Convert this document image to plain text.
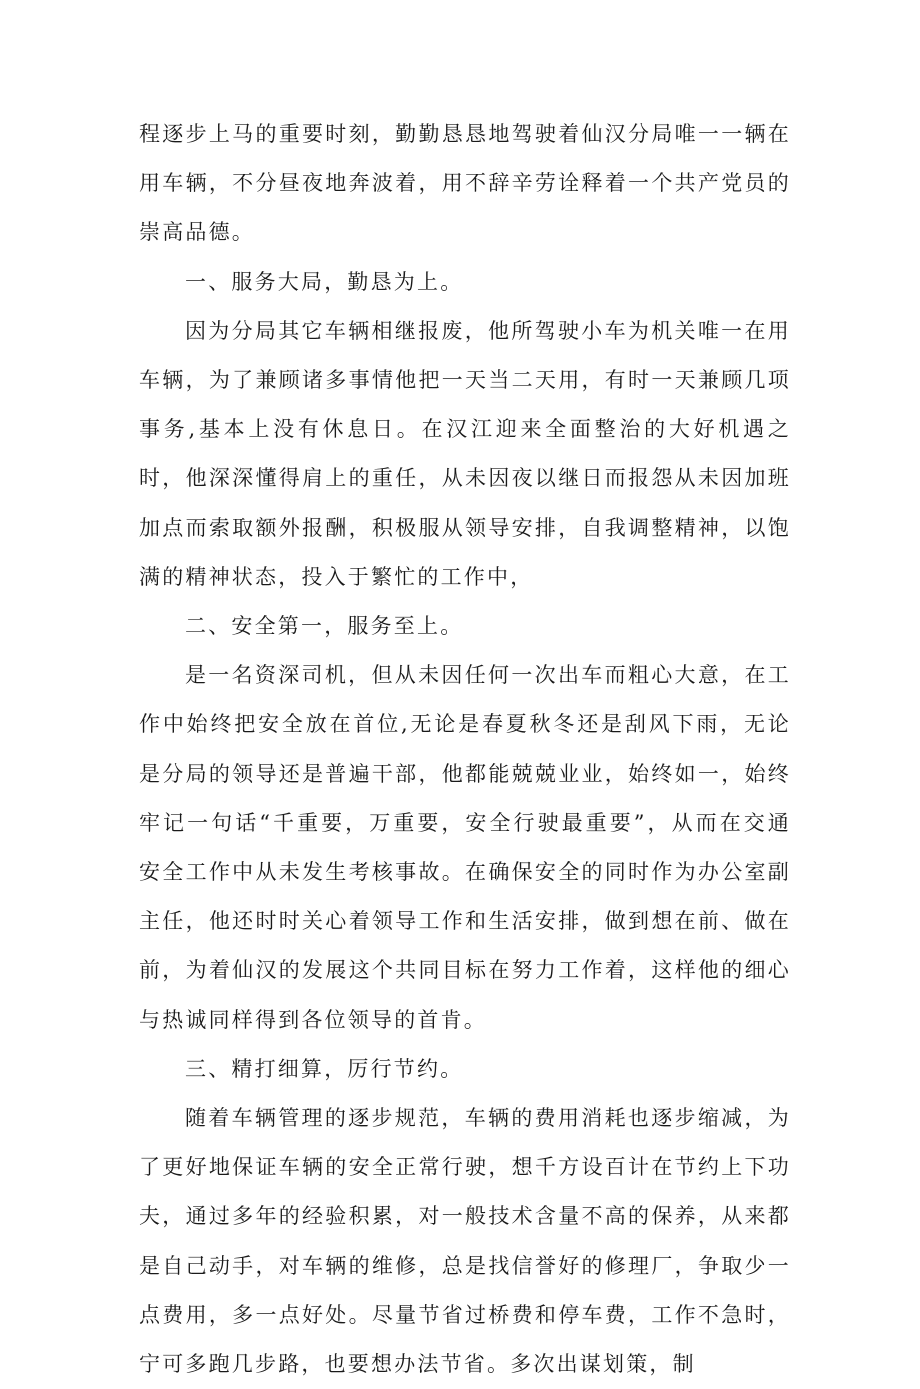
程逐步上马的重要时刻，勤勤恳恳地驾驶着仙汉分局唯一一辆在用车辆，不分昼夜地奔波着，用不辞辛劳诠释着一个共产党员的崇高品德。

一、服务大局，勤恳为上。

因为分局其它车辆相继报废，他所驾驶小车为机关唯一在用车辆，为了兼顾诸多事情他把一天当二天用，有时一天兼顾几项事务,基本上没有休息日。在汉江迎来全面整治的大好机遇之时，他深深懂得肩上的重任，从未因夜以继日而报怨从未因加班加点而索取额外报酬，积极服从领导安排，自我调整精神，以饱满的精神状态，投入于繁忙的工作中，

二、安全第一，服务至上。

是一名资深司机，但从未因任何一次出车而粗心大意，在工作中始终把安全放在首位,无论是春夏秋冬还是刮风下雨，无论是分局的领导还是普遍干部，他都能兢兢业业，始终如一，始终牢记一句话“千重要，万重要，安全行驶最重要”，从而在交通安全工作中从未发生考核事故。在确保安全的同时作为办公室副主任，他还时时关心着领导工作和生活安排，做到想在前、做在前，为着仙汉的发展这个共同目标在努力工作着，这样他的细心与热诚同样得到各位领导的首肯。

三、精打细算，厉行节约。

随着车辆管理的逐步规范，车辆的费用消耗也逐步缩减，为了更好地保证车辆的安全正常行驶，想千方设百计在节约上下功夫，通过多年的经验积累，对一般技术含量不高的保养，从来都是自己动手，对车辆的维修，总是找信誉好的修理厂，争取少一点费用，多一点好处。尽量节省过桥费和停车费，工作不急时，宁可多跑几步路，也要想办法节省。多次出谋划策，制
